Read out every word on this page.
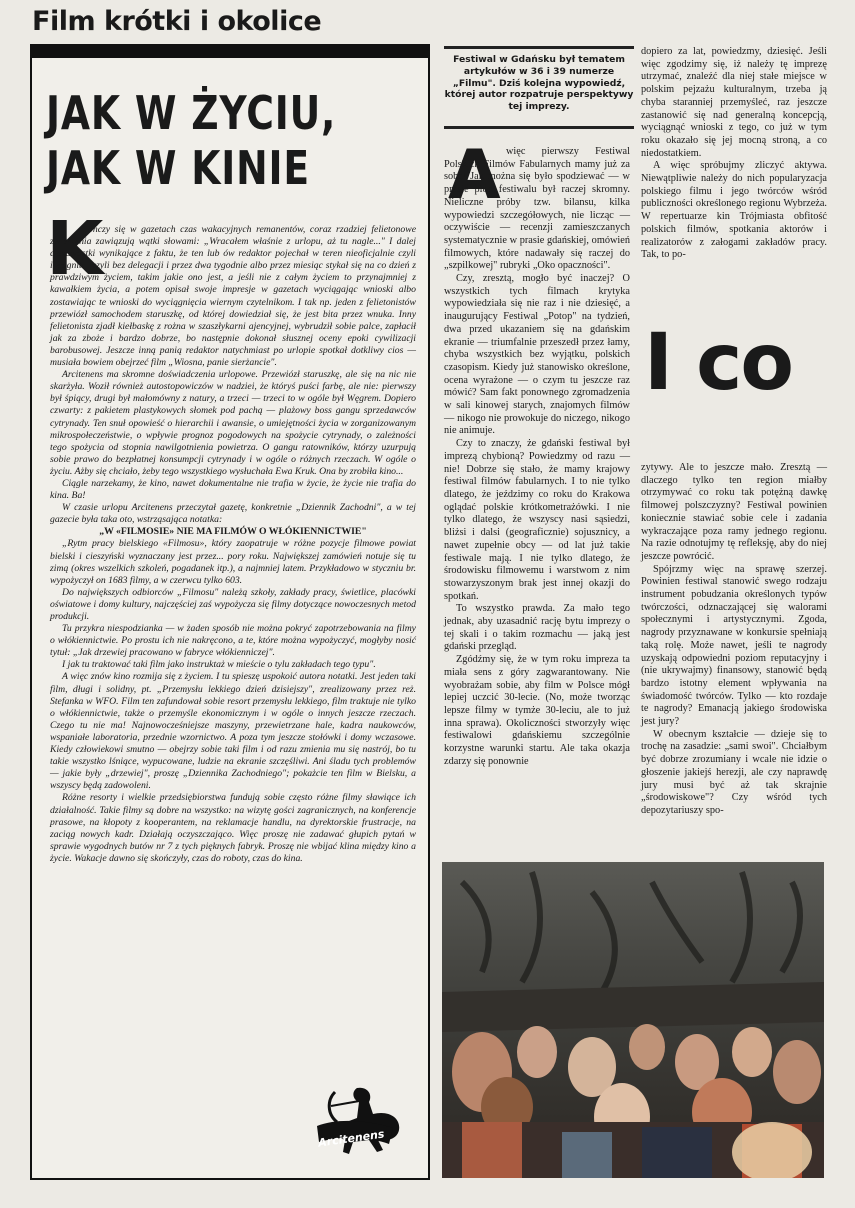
Film krótki i okolice
JAK W ŻYCIU,
JAK W KINIE
K

ończy się w gazetach czas wakacyjnych remanentów, coraz rzadziej felietonowe zwierzenia zawiązują wątki słowami: „Wracałem właśnie z urlopu, aż tu nagle..." I dalej ciekawostki wynikające z faktu, że ten lub ów redaktor pojechał w teren nieoficjalnie czyli incognito, czyli bez delegacji i przez dwa tygodnie albo przez miesiąc stykał się na co dzień z prawdziwym życiem, takim jakie ono jest, a jeśli nie z całym życiem to przynajmniej z kawałkiem życia, a potem opisał swoje impresje w gazetach wyciągając wnioski albo zostawiając te wnioski do wyciągnięcia wiernym czytelnikom. I tak np. jeden z felietonistów przewiózł samochodem staruszkę, od której dowiedział się, że jest bita przez wnuka. Inny felietonista zjadł kiełbaskę z rożna w szaszłykarni ajencyjnej, wybrudził sobie palce, zapłacił jak za zboże i bardzo dobrze, bo następnie dokonał słusznej oceny epoki cywilizacji barobusowej. Jeszcze inną panią redaktor natychmiast po urlopie spotkał dotkliwy cios — musiała bowiem obejrzeć film „Wiosna, panie sierżancie".

Arcitenens ma skromne doświadczenia urlopowe. Przewiózł staruszkę, ale się na nic nie skarżyła. Woził również autostopowiczów w nadziei, że któryś puści farbę, ale nie: pierwszy był śpiący, drugi był małomówny z natury, a trzeci — trzeci to w ogóle był Węgrem. Dopiero czwarty: z pakietem plastykowych słomek pod pachą — plażowy boss gangu sprzedawców cytrynady. Ten snuł opowieść o hierarchii i awansie, o umiejętności życia w zorganizowanym mikrospołeczeństwie, o wpływie prognoz pogodowych na spożycie cytrynady, o zależności tego spożycia od stopnia nawilgotnienia powietrza. O gangu ratowników, którzy uzurpują sobie prawo do bezpłatnej konsumpcji cytrynady i w ogóle o różnych rzeczach. W ogóle o życiu. Ażby się chciało, żeby tego wszystkiego wysłuchała Ewa Kruk. Ona by zrobiła kino...

Ciągle narzekamy, że kino, nawet dokumentalne nie trafia w życie, że życie nie trafia do kina. Ba!

W czasie urlopu Arcitenens przeczytał gazetę, konkretnie „Dziennik Zachodni", a w tej gazecie była taka oto, wstrząsająca notatka:

„W «FILMOSIE» NIE MA FILMÓW O WŁÓKIENNICTWIE"

„Rytm pracy bielskiego «Filmosu», który zaopatruje w różne pozycje filmowe powiat bielski i cieszyński wyznaczany jest przez... pory roku. Największej zamówień notuje się tu zimą (okres wszelkich szkoleń, pogadanek itp.), a najmniej latem. Przykładowo w styczniu br. wypożyczył on 1683 filmy, a w czerwcu tylko 603.

Do największych odbiorców „Filmosu" należą szkoły, zakłady pracy, świetlice, placówki oświatowe i domy kultury, najczęściej zaś wypożycza się filmy dotyczące nowoczesnych metod produkcji.

Tu przykra niespodzianka — w żaden sposób nie można pokryć zapotrzebowania na filmy o włókiennictwie. Po prostu ich nie nakręcono, a te, które można wypożyczyć, mogłyby nosić tytuł: „Jak drzewiej pracowano w fabryce włókienniczej".

I jak tu traktować taki film jako instruktaż w mieście o tylu zakładach tego typu".

A więc znów kino rozmija się z życiem. I tu spieszę uspokoić autora notatki. Jest jeden taki film, długi i solidny, pt. „Przemysłu lekkiego dzień dzisiejszy", zrealizowany przez reż. Stefanka w WFO. Film ten zafundował sobie resort przemysłu lekkiego, film traktuje nie tylko o włókiennictwie, także o przemyśle ekonomicznym i w ogóle o innych jeszcze rzeczach. Czego tu nie ma! Najnowocześniejsze maszyny, przewietrzane hale, kadra naukowców, wspaniałe laboratoria, przednie wzornictwo. A poza tym jeszcze stołówki i domy wczasowe. Kiedy człowiekowi smutno — obejrzy sobie taki film i od razu zmienia mu się nastrój, bo tu takie wszystko lśniące, wypucowane, ludzie na ekranie szczęśliwi. Ani śladu tych problemów — jakie były „drzewiej", proszę „Dziennika Zachodniego"; pokażcie ten film w Bielsku, a wszyscy będą zadowoleni.

Różne resorty i wielkie przedsiębiorstwa fundują sobie często różne filmy sławiące ich działalność. Takie filmy są dobre na wszystko: na wizytę gości zagranicznych, na konferencje prasowe, na kłopoty z kooperantem, na reklamacje handlu, na dyrektorskie frustracje, na zaciąg nowych kadr. Działają oczyszczająco. Więc proszę nie zadawać głupich pytań w sprawie wygodnych butów nr 7 z tych pięknych fabryk. Proszę nie wbijać klina między kino a życie. Wakacje dawno się skończyły, czas do roboty, czas do kina.

Arcitenens
Festiwal w Gdańsku był tematem artykułów w 36 i 39 numerze „Filmu". Dziś kolejna wypowiedź, której autor rozpatruje perspektywy tej imprezy.
A więc pierwszy Festiwal Polskich Filmów Fabularnych mamy już za sobą! Jak można się było spodziewać — w prasie plon festiwalu był raczej skromny. Nieliczne próby tzw. bilansu, kilka wypowiedzi szczegółowych, nie licząc — oczywiście — recenzji zamieszczanych systematycznie w prasie gdańskiej, omówień filmowych, które nadawały się raczej do „szpilkowej" rubryki „Oko opaczności".

Czy, zresztą, mogło być inaczej? O wszystkich tych filmach krytyka wypowiedziała się nie raz i nie dziesięć, a inaugurujący Festiwal „Potop" na tydzień, dwa przed ukazaniem się na gdańskim ekranie — triumfalnie przeszedł przez łamy, chyba wszystkich bez wyjątku, polskich czasopism. Kiedy już stanowisko określone, ocena wyrażone — o czym tu jeszcze raz mówić? Sam fakt ponownego zgromadzenia w sali kinowej starych, znajomych filmów — nikogo nie prowokuje do niczego, nikogo nie animuje.

Czy to znaczy, że gdański festiwal był imprezą chybioną? Powiedzmy od razu — nie! Dobrze się stało, że mamy krajowy festiwal filmów fabularnych. I to nie tylko dlatego, że jeździmy co roku do Krakowa oglądać polskie krótkometrażówki. I nie tylko dlatego, że wszyscy nasi sąsiedzi, bliżsi i dalsi (geograficznie) sojusznicy, a nawet zupełnie obcy — od lat już takie festiwale mają. I nie tylko dlatego, że środowisku filmowemu i warstwom z nim stowarzyszonym brak jest innej okazji do spotkań.

To wszystko prawda. Za mało tego jednak, aby uzasadnić rację bytu imprezy o tej skali i o takim rozmachu — jaką jest gdański przegląd.

Zgódźmy się, że w tym roku impreza ta miała sens z góry zagwarantowany. Nie wyobrażam sobie, aby film w Polsce mógł lepiej uczcić 30-lecie. (No, może tworząc lepsze filmy w tymże 30-leciu, ale to już inna sprawa). Okoliczności stworzyły więc festiwalowi gdańskiemu szczególnie korzystne warunki startu. Ale taka okazja zdarzy się ponownie

dopiero za lat, powiedzmy, dziesięć. Jeśli więc zgodzimy się, iż należy tę imprezę utrzymać, znaleźć dla niej stałe miejsce w polskim pejzażu kulturalnym, trzeba ją chyba staranniej przemyśleć, raz jeszcze zastanowić się nad generalną koncepcją, wyciągnąć wnioski z tego, co już w tym roku okazało się jej mocną stroną, a co niedostatkiem.

A więc spróbujmy zliczyć aktywa. Niewątpliwie należy do nich popularyzacja polskiego filmu i jego twórców wśród publiczności określonego regionu Wybrzeża. W repertuarze kin Trójmiasta obfitość polskich filmów, spotkania aktorów i realizatorów z załogami zakładów pracy. Tak, to po-

I co

zytywy. Ale to jeszcze mało. Zresztą — dlaczego tylko ten region miałby otrzymywać co roku tak potężną dawkę filmowej polszczyzny? Festiwal powinien koniecznie stawiać sobie cele i zadania wykraczające poza ramy jednego regionu. Na razie odnotujmy tę refleksję, aby do niej jeszcze powrócić.

Spójrzmy więc na sprawę szerzej. Powinien festiwal stanowić swego rodzaju instrument pobudzania określonych typów twórczości, odznaczającej się walorami społecznymi i artystycznymi. Zgoda, nagrody przyznawane w konkursie spełniają taką rolę. Może nawet, jeśli te nagrody uzyskają odpowiedni poziom reputacyjny i (nie ukrywajmy) finansowy, stanowić będą bardzo istotny element wpływania na świadomość twórców. Tylko — kto rozdaje te nagrody? Emanacją jakiego środowiska jest jury?

W obecnym kształcie — dzieje się to trochę na zasadzie: „sami swoi". Chciałbym być dobrze zrozumiany i wcale nie idzie o głoszenie jakiejś herezji, ale czy naprawdę jury musi być aż tak skrajnie „środowiskowe"? Czy wśród tych depozytariuszy spo-
